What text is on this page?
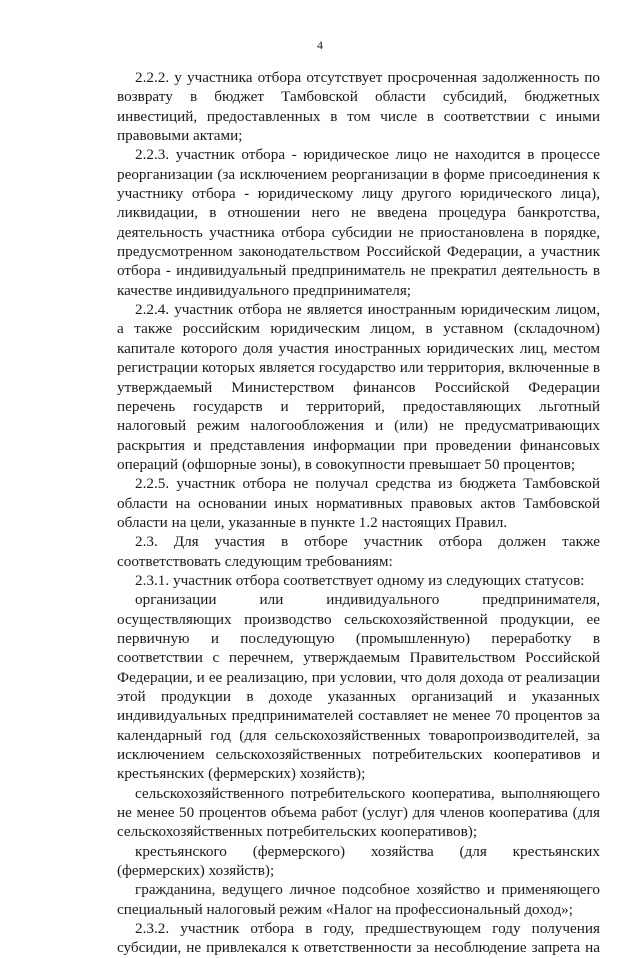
4

2.2.2. у участника отбора отсутствует просроченная задолженность по возврату в бюджет Тамбовской области субсидий, бюджетных инвестиций, предоставленных в том числе в соответствии с иными правовыми актами;

2.2.3. участник отбора - юридическое лицо не находится в процессе реорганизации (за исключением реорганизации в форме присоединения к участнику отбора - юридическому лицу другого юридического лица), ликвидации, в отношении него не введена процедура банкротства, деятельность участника отбора субсидии не приостановлена в порядке, предусмотренном законодательством Российской Федерации, а участник отбора - индивидуальный предприниматель не прекратил деятельность в качестве индивидуального предпринимателя;

2.2.4. участник отбора не является иностранным юридическим лицом, а также российским юридическим лицом, в уставном (складочном) капитале которого доля участия иностранных юридических лиц, местом регистрации которых является государство или территория, включенные в утверждаемый Министерством финансов Российской Федерации перечень государств и территорий, предоставляющих льготный налоговый режим налогообложения и (или) не предусматривающих раскрытия и представления информации при проведении финансовых операций (офшорные зоны), в совокупности превышает 50 процентов;

2.2.5. участник отбора не получал средства из бюджета Тамбовской области на основании иных нормативных правовых актов Тамбовской области на цели, указанные в пункте 1.2 настоящих Правил.

2.3. Для участия в отборе участник отбора должен также соответствовать следующим требованиям:

2.3.1. участник отбора соответствует одному из следующих статусов:

организации или индивидуального предпринимателя, осуществляющих производство сельскохозяйственной продукции, ее первичную и последующую (промышленную) переработку в соответствии с перечнем, утверждаемым Правительством Российской Федерации, и ее реализацию, при условии, что доля дохода от реализации этой продукции в доходе указанных организаций и указанных индивидуальных предпринимателей составляет не менее 70 процентов за календарный год (для сельскохозяйственных товаропроизводителей, за исключением сельскохозяйственных потребительских кооперативов и крестьянских (фермерских) хозяйств);

сельскохозяйственного потребительского кооператива, выполняющего не менее 50 процентов объема работ (услуг) для членов кооператива (для сельскохозяйственных потребительских кооперативов);

крестьянского (фермерского) хозяйства (для крестьянских (фермерских) хозяйств);

гражданина, ведущего личное подсобное хозяйство и применяющего специальный налоговый режим «Налог на профессиональный доход»;

2.3.2. участник отбора в году, предшествующем году получения субсидии, не привлекался к ответственности за несоблюдение запрета на
